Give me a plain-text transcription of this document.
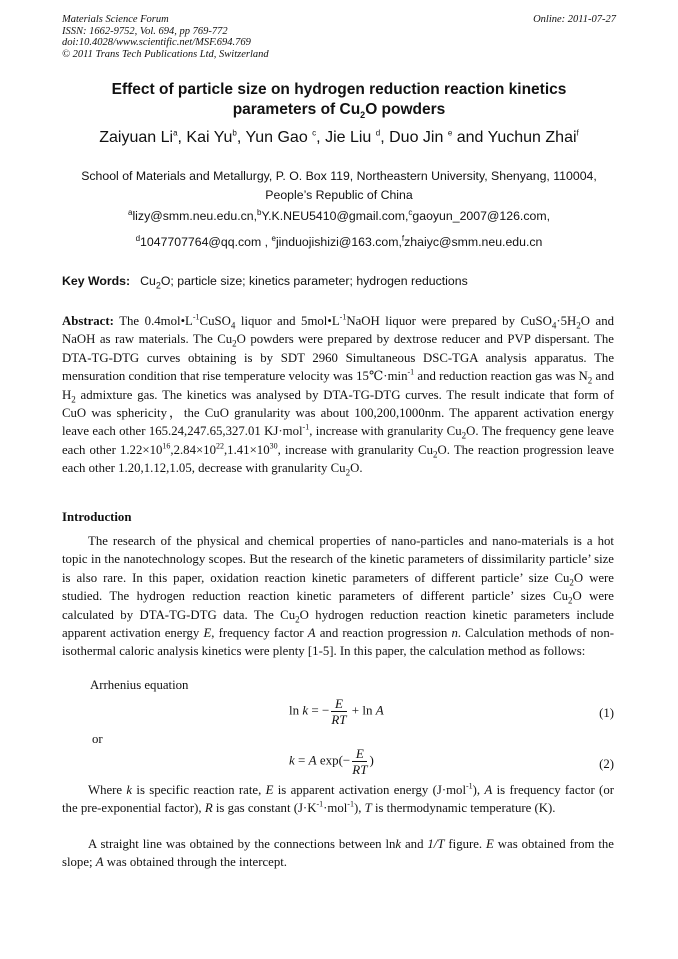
Materials Science Forum
ISSN: 1662-9752, Vol. 694, pp 769-772
doi:10.4028/www.scientific.net/MSF.694.769
© 2011 Trans Tech Publications Ltd, Switzerland
Online: 2011-07-27
Effect of particle size on hydrogen reduction reaction kinetics
parameters of $Cu_2O$ powders
Zaiyuan Li$^a$, Kai Yu$^b$, Yun Gao $^c$, Jie Liu $^d$, Duo Jin $^e$ and Yuchun Zhai$^f$
School of Materials and Metallurgy, P. O. Box 119, Northeastern University, Shenyang, 110004,
People’s Republic of China
$^a$lizy@smm.neu.edu.cn,$^b$Y.K.NEU5410@gmail.com,$^c$gaoyun_2007@126.com,
$^d$1047707764@qq.com , $^e$jinduojishizi@163.com,$^f$zhaiyc@smm.neu.edu.cn
Key Words: $Cu_2O$; particle size; kinetics parameter; hydrogen reductions
Abstract: The $0.4mol•L^{-1}CuSO_4$ liquor and $5mol•L^{-1}NaOH$ liquor were prepared by $CuSO_4\cdot 5H_2O$ and NaOH as raw materials. The $Cu_2O$ powders were prepared by dextrose reducer and PVP dispersant. The DTA-TG-DTG curves obtaining is by SDT 2960 Simultaneous DSC-TGA analysis apparatus. The mensuration condition that rise temperature velocity was $15℃\cdot\min^{-1}$ and reduction reaction gas was $N_2$ and $H_2$ admixture gas. The kinetics was analysed by DTA-TG-DTG curves. The result indicate that form of CuO was sphericity，the CuO granularity was about 100,200,1000nm. The apparent activation energy leave each other 165.24,247.65,327.01 KJ·mol$^{-1}$, increase with granularity $Cu_2O$. The frequency gene leave each other $1.22\times 10^{16},2.84\times 10^{22},1.41\times 10^{30}$, increase with granularity $Cu_2O$. The reaction progression leave each other 1.20,1.12,1.05, decrease with granularity $Cu_2O$.
Introduction
The research of the physical and chemical properties of nano-particles and nano-materials is a hot topic in the nanotechnology scopes. But the research of the kinetic parameters of dissimilarity particle’ size is also rare. In this paper, oxidation reaction kinetic parameters of different particle’ size $Cu_2O$ were studied. The hydrogen reduction reaction kinetic parameters of different particle’ sizes $Cu_2O$ were calculated by DTA-TG-DTG data. The $Cu_2O$ hydrogen reduction reaction kinetic parameters include apparent activation energy E, frequency factor A and reaction progression n. Calculation methods of non-isothermal caloric analysis kinetics were plenty [1-5]. In this paper, the calculation method as follows:
Arrhenius equation
ln k = − $\frac{E}{RT} + \ln A$	(1)
or
k = A $\exp(- \frac{E}{RT}$ )	(2)
Where k is specific reaction rate, E is apparent activation energy (J·mol$^{-1}$), A is frequency factor (or the pre-exponential factor), R is gas constant $(J\cdot K^{-1}\cdot mol^{-1})$, T is thermodynamic temperature (K).
A straight line was obtained by the connections between lnk and 1/T figure. E was obtained from the slope; A was obtained through the intercept.
